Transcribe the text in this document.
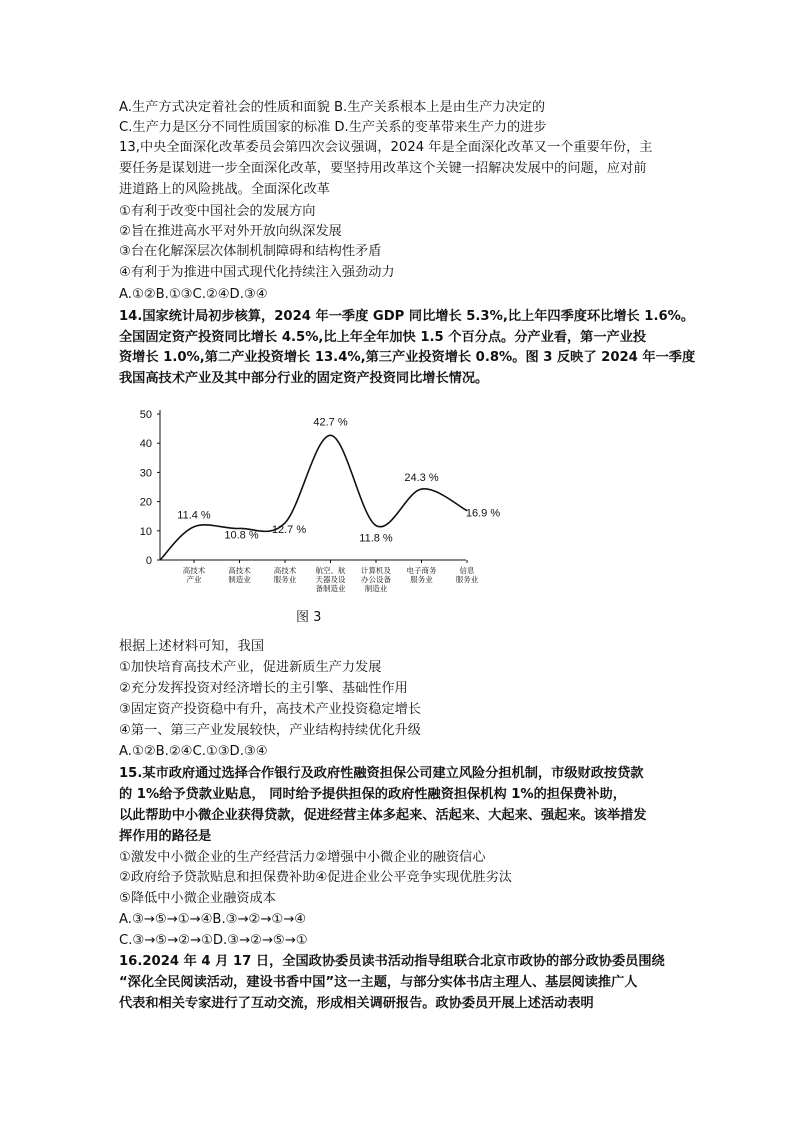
A.生产方式决定着社会的性质和面貌 B.生产关系根本上是由生产力决定的
C.生产力是区分不同性质国家的标准 D.生产关系的变革带来生产力的进步
13,中央全面深化改革委员会第四次会议强调，2024 年是全面深化改革又一个重要年份，主
要任务是谋划进一步全面深化改革，要坚持用改革这个关键一招解决发展中的问题，应对前
进道路上的风险挑战。全面深化改革
①有利于改变中国社会的发展方向
②旨在推进高水平对外开放向纵深发展
③台在化解深层次体制机制障碍和结构性矛盾
④有利于为推进中国式现代化持续注入强劲动力
A.①②B.①③C.②④D.③④
14.国家统计局初步核算，2024 年一季度 GDP 同比增长 5.3%,比上年四季度环比增长 1.6%。
全国固定资产投资同比增长 4.5%,比上年全年加快 1.5 个百分点。分产业看，第一产业投
资增长 1.0%,第二产业投资增长 13.4%,第三产业投资增长 0.8%。图 3 反映了 2024 年一季度
我国高技术产业及其中部分行业的固定资产投资同比增长情况。
根据上述材料可知，我国
①加快培育高技术产业，促进新质生产力发展
②充分发挥投资对经济增长的主引擎、基础性作用
③固定资产投资稳中有升，高技术产业投资稳定增长
④第一、第三产业发展较快，产业结构持续优化升级
A.①②B.②④C.①③D.③④
15.某市政府通过选择合作银行及政府性融资担保公司建立风险分担机制，市级财政按贷款
的 1%给予贷款业贴息， 同时给予提供担保的政府性融资担保机构 1%的担保费补助，
以此帮助中小微企业获得贷款，促进经营主体多起来、活起来、大起来、强起来。该举措发
挥作用的路径是
①激发中小微企业的生产经营活力②增强中小微企业的融资信心
②政府给予贷款贴息和担保费补助④促进企业公平竞争实现优胜劣汰
⑤降低中小微企业融资成本
A.③→⑤→①→④B.③→②→①→④
C.③→⑤→②→①D.③→②→⑤→①
16.2024 年 4 月 17 日，全国政协委员读书活动指导组联合北京市政协的部分政协委员围绕
“深化全民阅读活动，建设书香中国”这一主题，与部分实体书店主理人、基层阅读推广人
代表和相关专家进行了互动交流，形成相关调研报告。政协委员开展上述活动表明
0
10
20
30
40
50
11.4 %
10.8 % 12.7 %
42.7 %
11.8 %
24.3 %
16.9 %
高技术产业
高技术制造业
高技术服务业
航空、航天器及设备制造业
计算机及办公设备制造业
电子商务服务业
信息服务业
图 3
